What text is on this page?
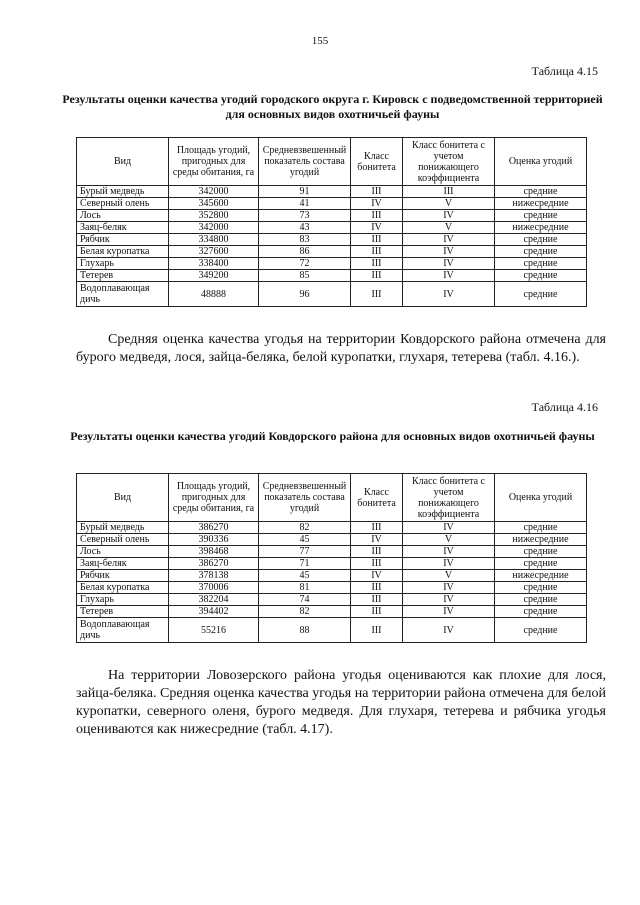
155
Таблица 4.15
Результаты оценки качества угодий городского округа г. Кировск с подведомственной территорией для основных видов охотничьей фауны
Вид	Площадь угодий, пригодных для среды обитания, га	Средневзвешенный показатель состава угодий	Класс бонитета	Класс бонитета с учетом понижающего коэффициента	Оценка угодий
Бурый медведь	342000	91	III	III	средние
Северный олень	345600	41	IV	V	нижесредние
Лось	352800	73	III	IV	средние
Заяц-беляк	342000	43	IV	V	нижесредние
Рябчик	334800	83	III	IV	средние
Белая куропатка	327600	86	III	IV	средние
Глухарь	338400	72	III	IV	средние
Тетерев	349200	85	III	IV	средние
Водоплавающая дичь	48888	96	III	IV	средние

Средняя оценка качества угодья на территории Ковдорского района отмечена для бурого медведя, лося, зайца-беляка, белой куропатки, глухаря, тетерева (табл. 4.16.).

Таблица 4.16
Результаты оценки качества угодий Ковдорского района для основных видов охотничьей фауны
Вид	Площадь угодий, пригодных для среды обитания, га	Средневзвешенный показатель состава угодий	Класс бонитета	Класс бонитета с учетом понижающего коэффициента	Оценка угодий
Бурый медведь	386270	82	III	IV	средние
Северный олень	390336	45	IV	V	нижесредние
Лось	398468	77	III	IV	средние
Заяц-беляк	386270	71	III	IV	средние
Рябчик	378138	45	IV	V	нижесредние
Белая куропатка	370006	81	III	IV	средние
Глухарь	382204	74	III	IV	средние
Тетерев	394402	82	III	IV	средние
Водоплавающая дичь	55216	88	III	IV	средние

На территории Ловозерского района угодья оцениваются как плохие для лося, зайца-беляка. Средняя оценка качества угодья на территории района отмечена для белой куропатки, северного оленя, бурого медведя. Для глухаря, тетерева и рябчика угодья оцениваются как нижесредние (табл. 4.17).
